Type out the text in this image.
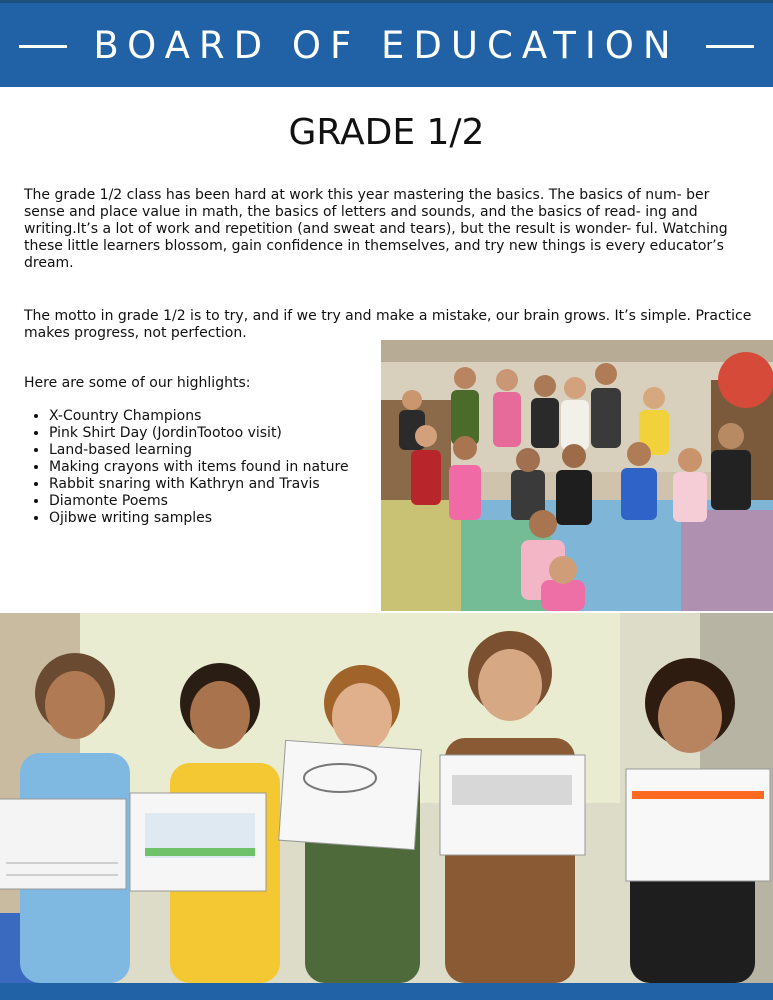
BOARD OF EDUCATION
GRADE 1/2

The grade 1/2 class has been hard at work this year mastering the basics. The basics of num- ber sense and place value in math, the basics of letters and sounds, and the basics of read- ing and writing.It’s a lot of work and repetition (and sweat and tears), but the result is wonder- ful. Watching these little learners blossom, gain confidence in themselves, and try new things is every educator’s dream.

The motto in grade 1/2 is to try, and if we try and make a mistake, our brain grows. It’s simple. Practice makes progress, not perfection.

Here are some of our highlights:

• X-Country Champions
• Pink Shirt Day (JordinTootoo visit)
• Land-based learning
• Making crayons with items found in nature
• Rabbit snaring with Kathryn and Travis
• Diamonte Poems
• Ojibwe writing samples
